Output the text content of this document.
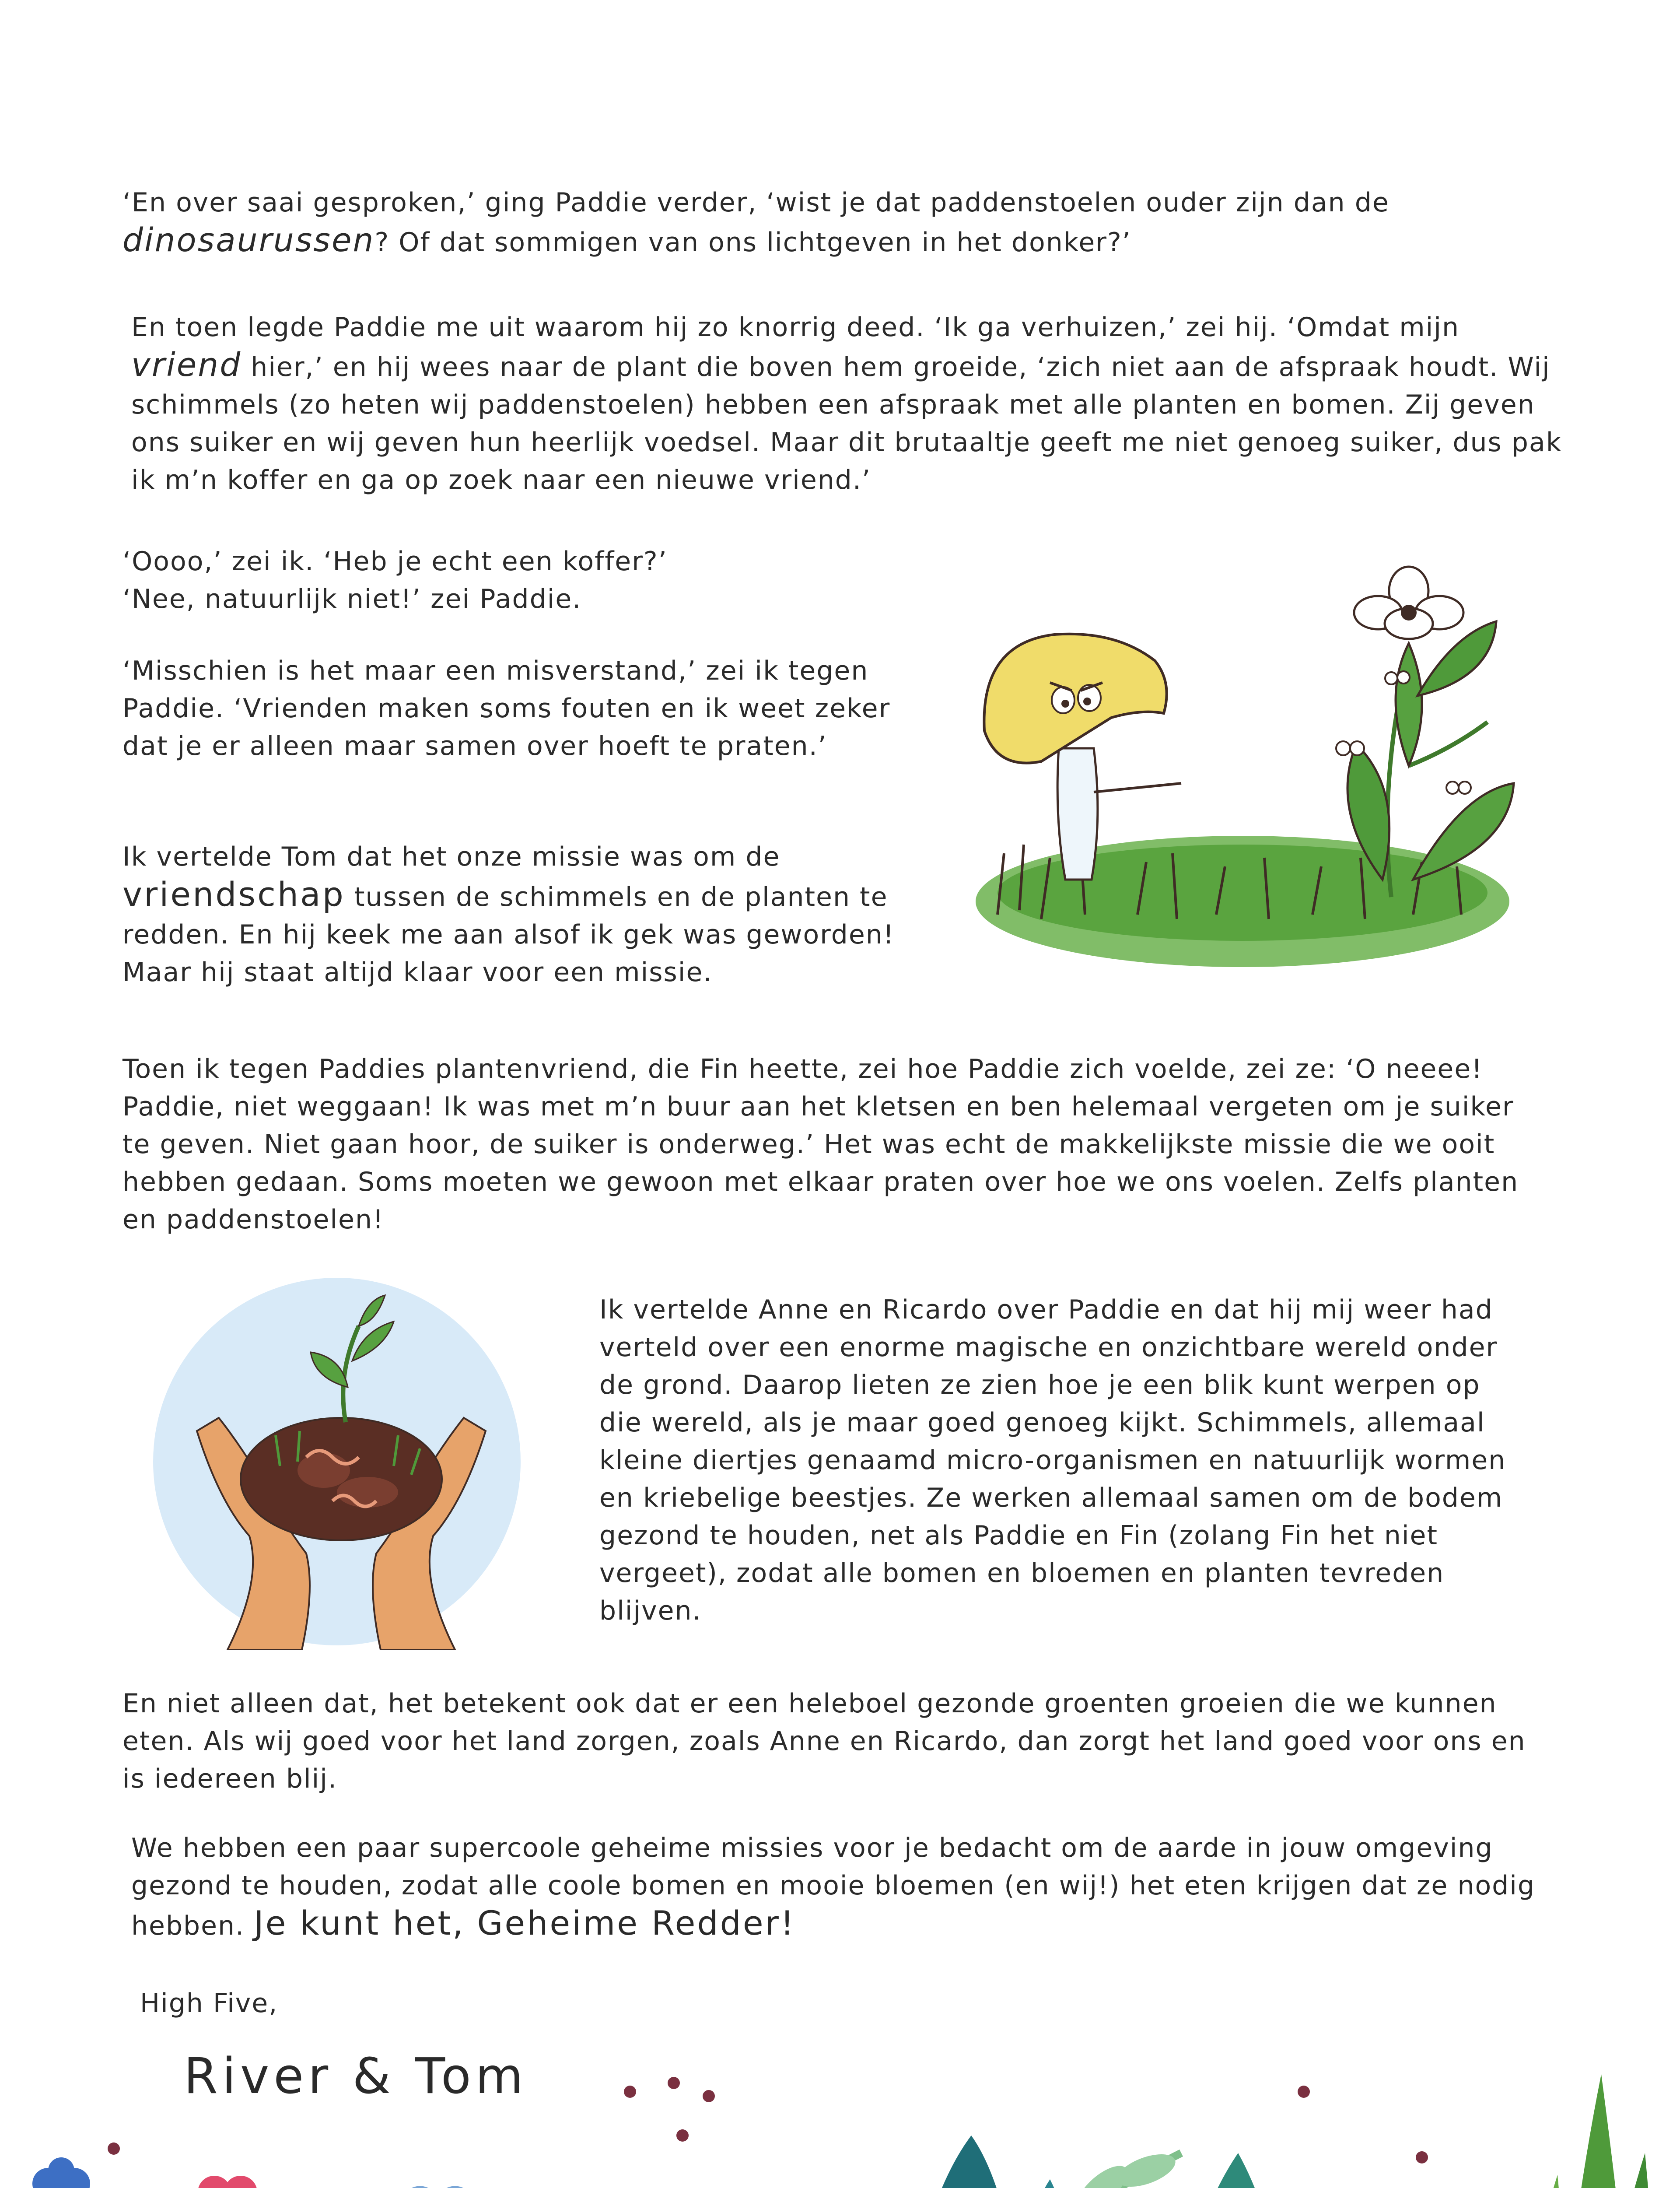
‘En over saai gesproken,’ ging Paddie verder, ‘wist je dat paddenstoelen ouder zijn dan de dinosaurussen? Of dat sommigen van ons lichtgeven in het donker?’

En toen legde Paddie me uit waarom hij zo knorrig deed. ‘Ik ga verhuizen,’ zei hij. ‘Omdat mijn vriend hier,’ en hij wees naar de plant die boven hem groeide, ‘zich niet aan de afspraak houdt. Wij schimmels (zo heten wij paddenstoelen) hebben een afspraak met alle planten en bomen. Zij geven ons suiker en wij geven hun heerlijk voedsel. Maar dit brutaaltje geeft me niet genoeg suiker, dus pak ik m’n koffer en ga op zoek naar een nieuwe vriend.’

‘Oooo,’ zei ik. ‘Heb je echt een koffer?’

‘Nee, natuurlijk niet!’ zei Paddie.

‘Misschien is het maar een misverstand,’ zei ik tegen Paddie. ‘Vrienden maken soms fouten en ik weet zeker dat je er alleen maar samen over hoeft te praten.’

Ik vertelde Tom dat het onze missie was om de vriendschap tussen de schimmels en de planten te redden. En hij keek me aan alsof ik gek was geworden! Maar hij staat altijd klaar voor een missie.

Toen ik tegen Paddies plantenvriend, die Fin heette, zei hoe Paddie zich voelde, zei ze: ‘O neeee! Paddie, niet weggaan! Ik was met m’n buur aan het kletsen en ben helemaal vergeten om je suiker te geven. Niet gaan hoor, de suiker is onderweg.’ Het was echt de makkelijkste missie die we ooit hebben gedaan. Soms moeten we gewoon met elkaar praten over hoe we ons voelen. Zelfs planten en paddenstoelen!

Ik vertelde Anne en Ricardo over Paddie en dat hij mij weer had verteld over een enorme magische en onzichtbare wereld onder de grond. Daarop lieten ze zien hoe je een blik kunt werpen op die wereld, als je maar goed genoeg kijkt. Schimmels, allemaal kleine diertjes genaamd micro-organismen en natuurlijk wormen en kriebelige beestjes. Ze werken allemaal samen om de bodem gezond te houden, net als Paddie en Fin (zolang Fin het niet vergeet), zodat alle bomen en bloemen en planten tevreden blijven.

En niet alleen dat, het betekent ook dat er een heleboel gezonde groenten groeien die we kunnen eten. Als wij goed voor het land zorgen, zoals Anne en Ricardo, dan zorgt het land goed voor ons en is iedereen blij.

We hebben een paar supercoole geheime missies voor je bedacht om de aarde in jouw omgeving gezond te houden, zodat alle coole bomen en mooie bloemen (en wij!) het eten krijgen dat ze nodig hebben. Je kunt het, Geheime Redder!

High Five,

River & Tom
